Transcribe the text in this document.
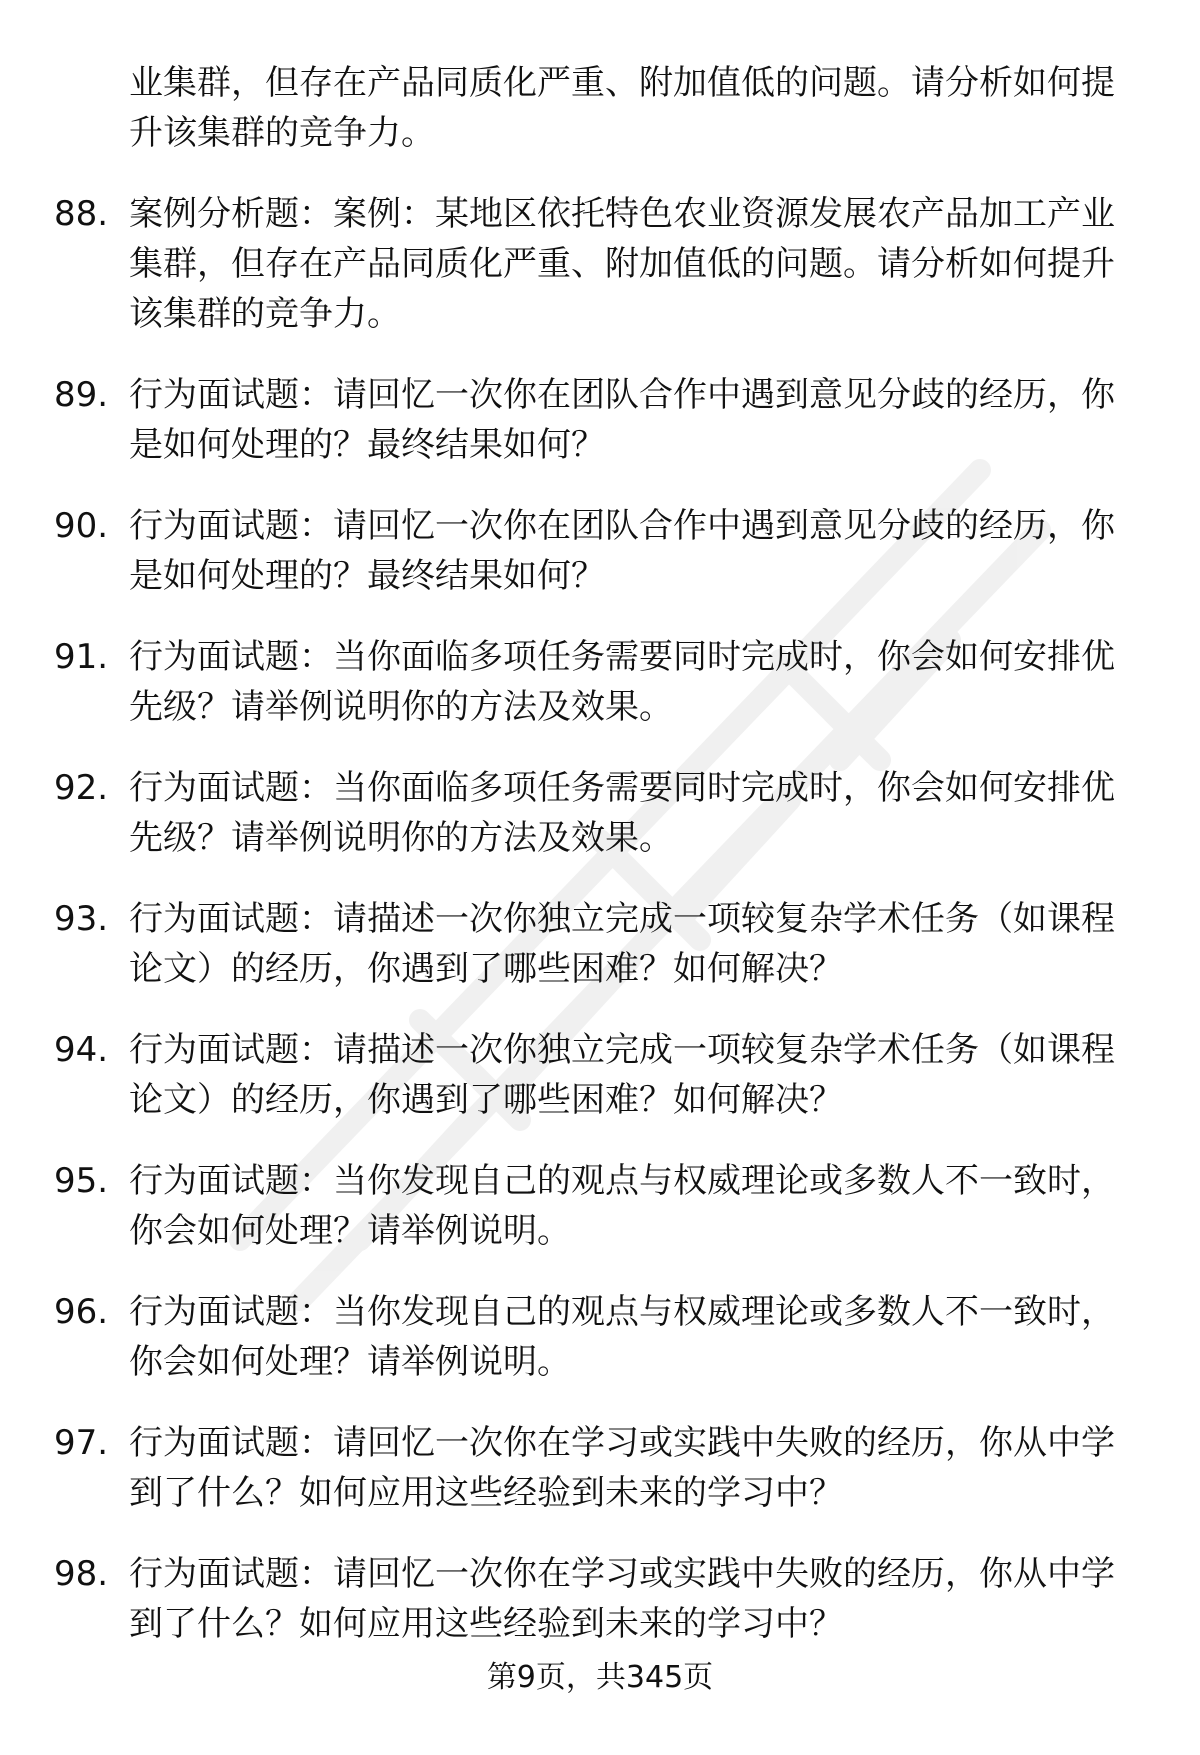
业集群，但存在产品同质化严重、附加值低的问题。请分析如何提升该集群的竞争力。
88. 案例分析题：案例：某地区依托特色农业资源发展农产品加工产业集群，但存在产品同质化严重、附加值低的问题。请分析如何提升该集群的竞争力。
89. 行为面试题：请回忆一次你在团队合作中遇到意见分歧的经历，你是如何处理的？最终结果如何？
90. 行为面试题：请回忆一次你在团队合作中遇到意见分歧的经历，你是如何处理的？最终结果如何？
91. 行为面试题：当你面临多项任务需要同时完成时，你会如何安排优先级？请举例说明你的方法及效果。
92. 行为面试题：当你面临多项任务需要同时完成时，你会如何安排优先级？请举例说明你的方法及效果。
93. 行为面试题：请描述一次你独立完成一项较复杂学术任务（如课程论文）的经历，你遇到了哪些困难？如何解决？
94. 行为面试题：请描述一次你独立完成一项较复杂学术任务（如课程论文）的经历，你遇到了哪些困难？如何解决？
95. 行为面试题：当你发现自己的观点与权威理论或多数人不一致时，你会如何处理？请举例说明。
96. 行为面试题：当你发现自己的观点与权威理论或多数人不一致时，你会如何处理？请举例说明。
97. 行为面试题：请回忆一次你在学习或实践中失败的经历，你从中学到了什么？如何应用这些经验到未来的学习中？
98. 行为面试题：请回忆一次你在学习或实践中失败的经历，你从中学到了什么？如何应用这些经验到未来的学习中？
第9页，共345页
